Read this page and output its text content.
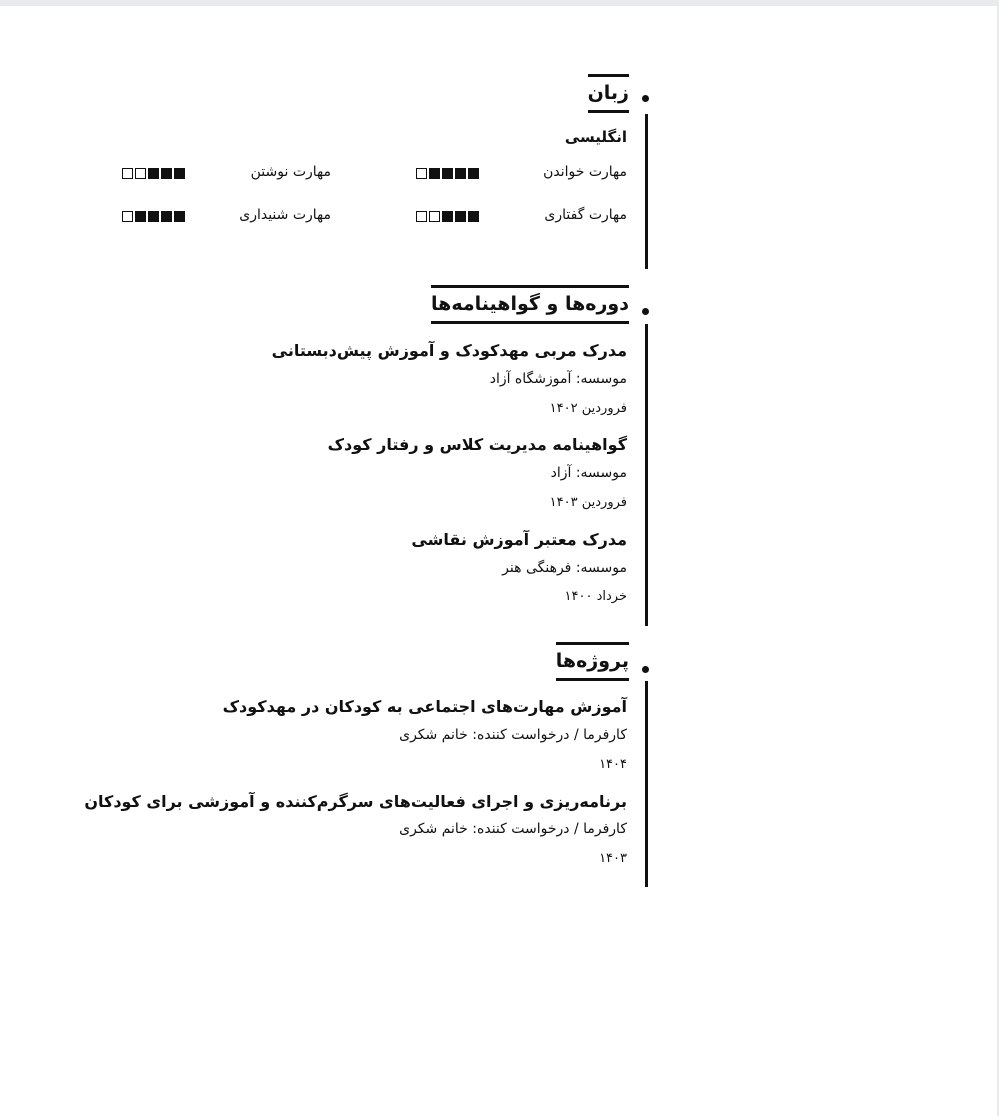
زبان
انگلیسی
مهارت خواندن
مهارت نوشتن
مهارت گفتاری
مهارت شنیداری
دوره‌ها و گواهینامه‌ها
مدرک مربی مهدکودک و آموزش پیش‌دبستانی
موسسه: آموزشگاه آزاد
فروردین ۱۴۰۲
گواهینامه مدیریت کلاس و رفتار کودک
موسسه: آزاد
فروردین ۱۴۰۳
مدرک معتبر آموزش نقاشی
موسسه: فرهنگی هنر
خرداد ۱۴۰۰
پروژه‌ها
آموزش مهارت‌های اجتماعی به کودکان در مهدکودک
کارفرما / درخواست کننده: خانم شکری
۱۴۰۴
برنامه‌ریزی و اجرای فعالیت‌های سرگرم‌کننده و آموزشی برای کودکان
کارفرما / درخواست کننده: خانم شکری
۱۴۰۳
